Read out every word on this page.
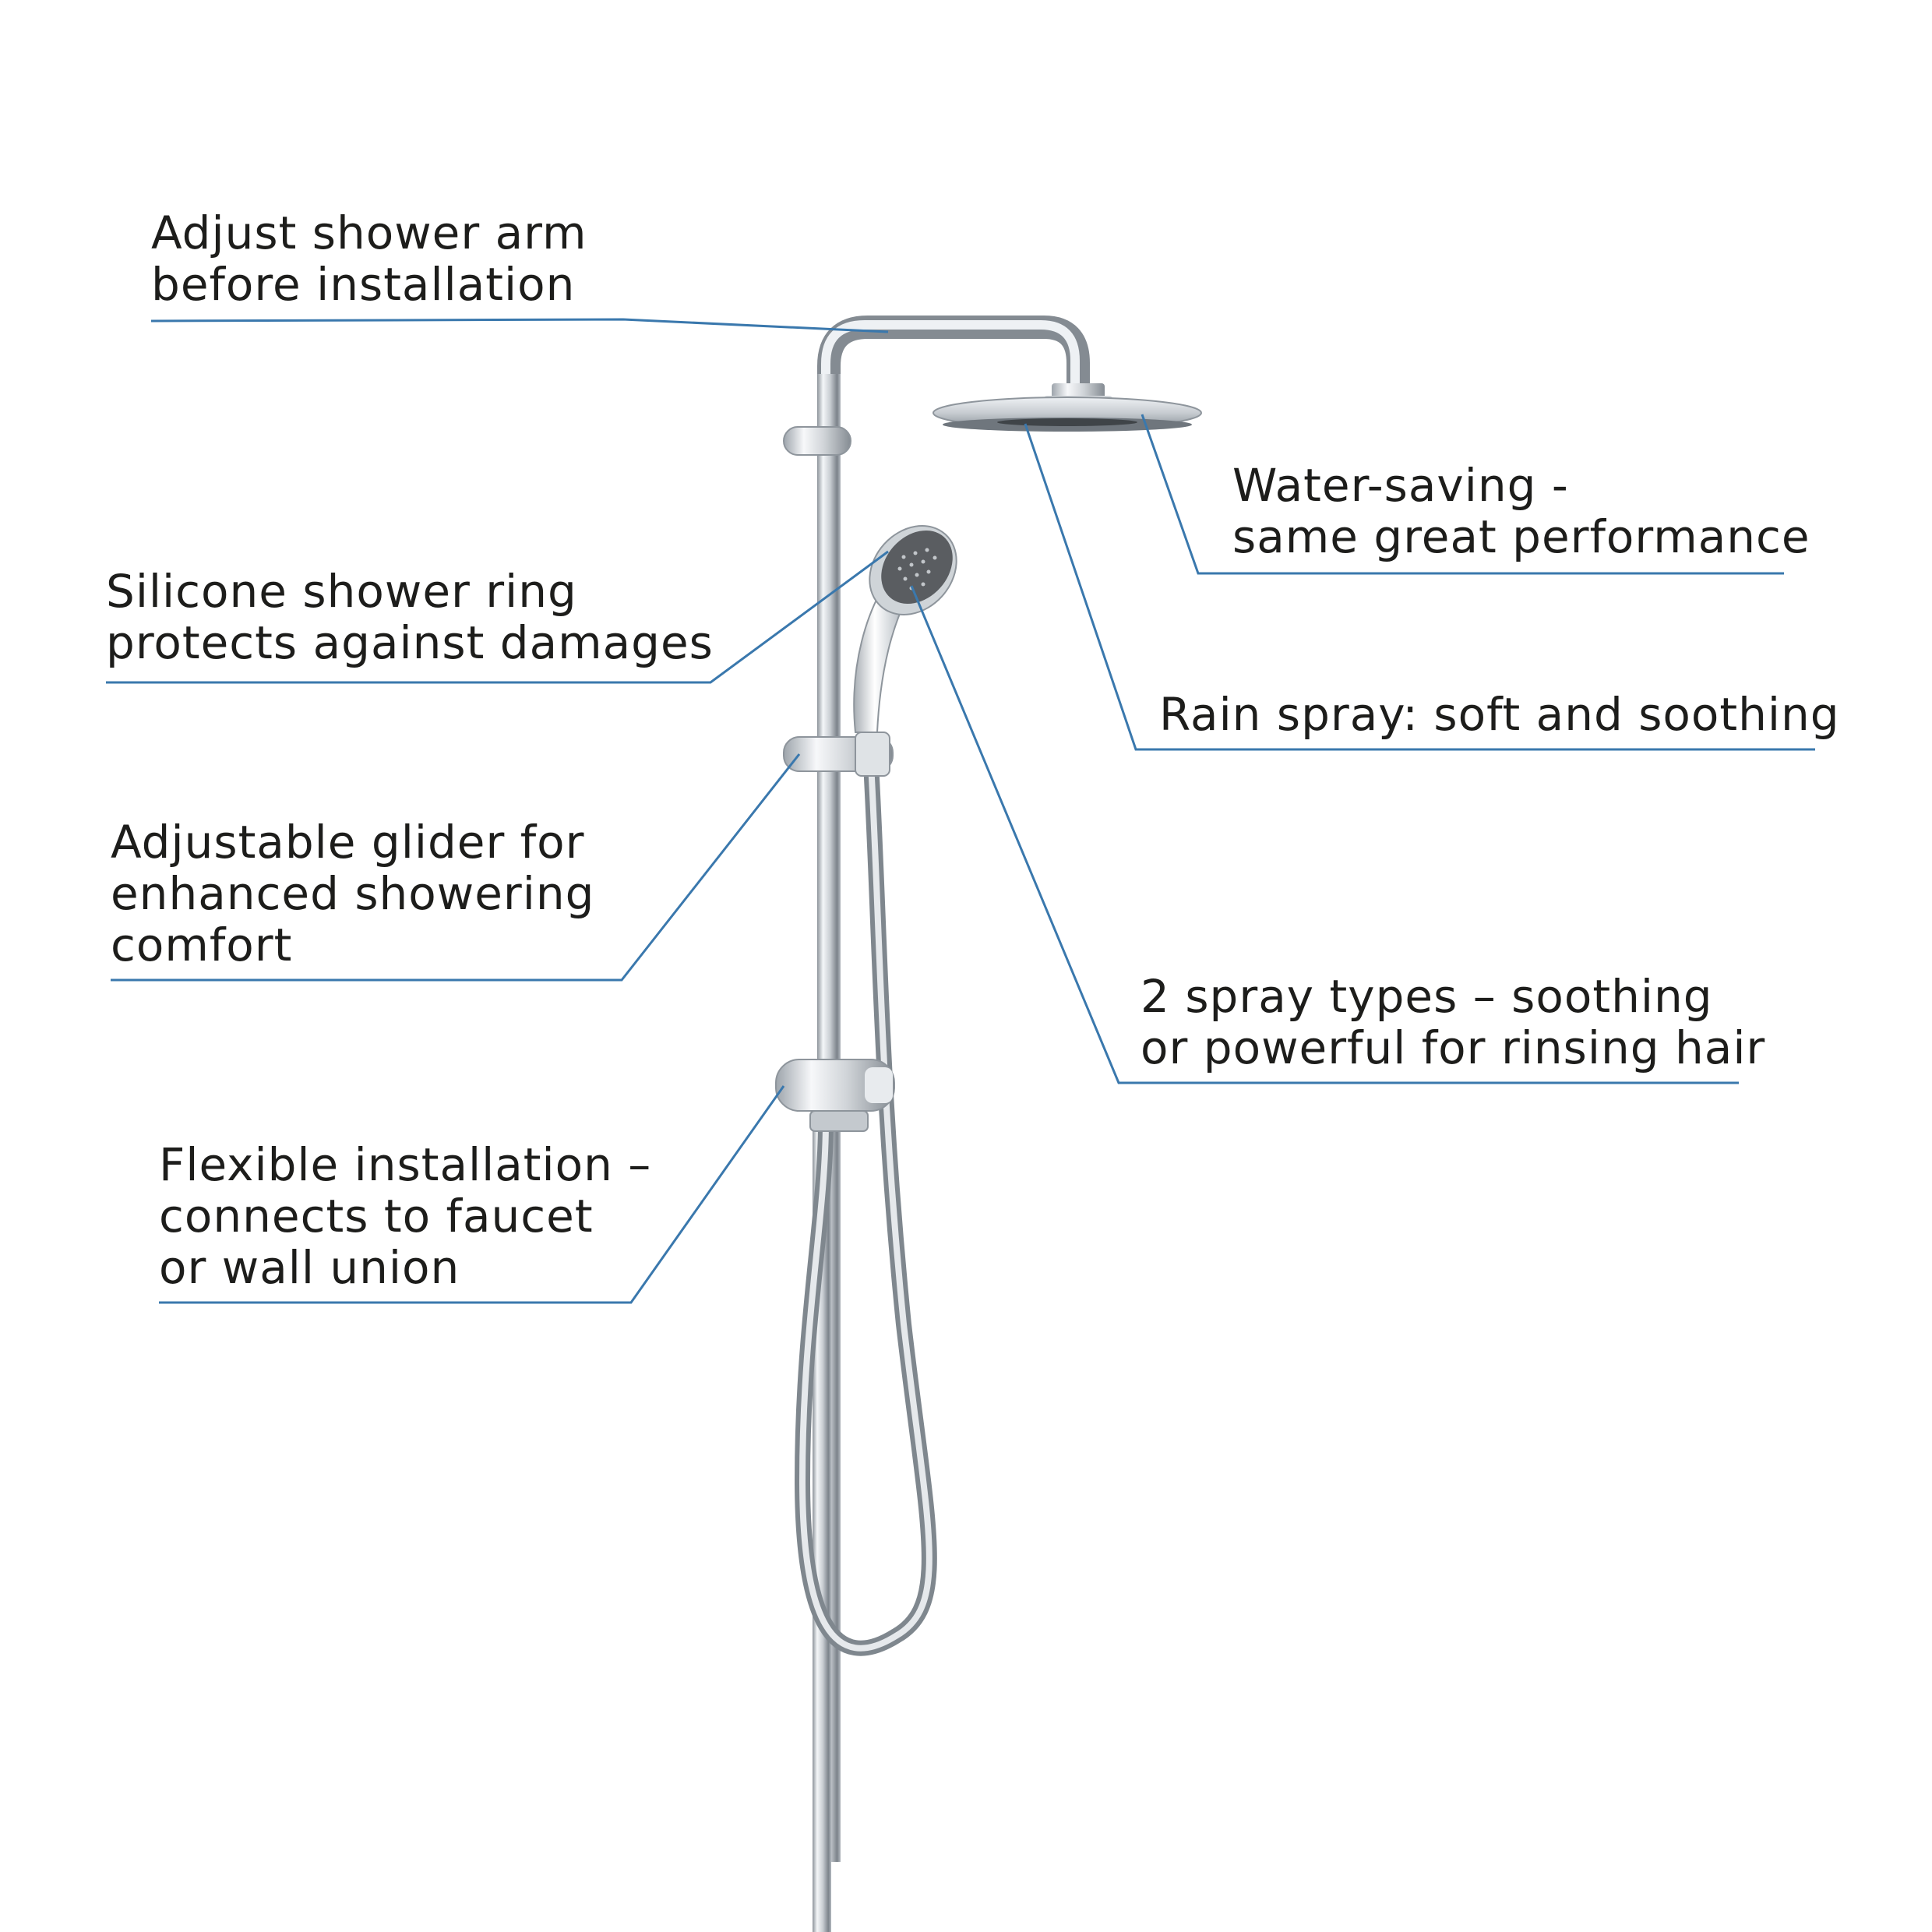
Adjust shower arm
before installation
Silicone shower ring
protects against damages
Adjustable glider for
enhanced showering
comfort
Flexible installation –
connects to faucet
or wall union
Water-saving -
same great performance
Rain spray: soft and soothing
2 spray types – soothing
or powerful for rinsing hair
